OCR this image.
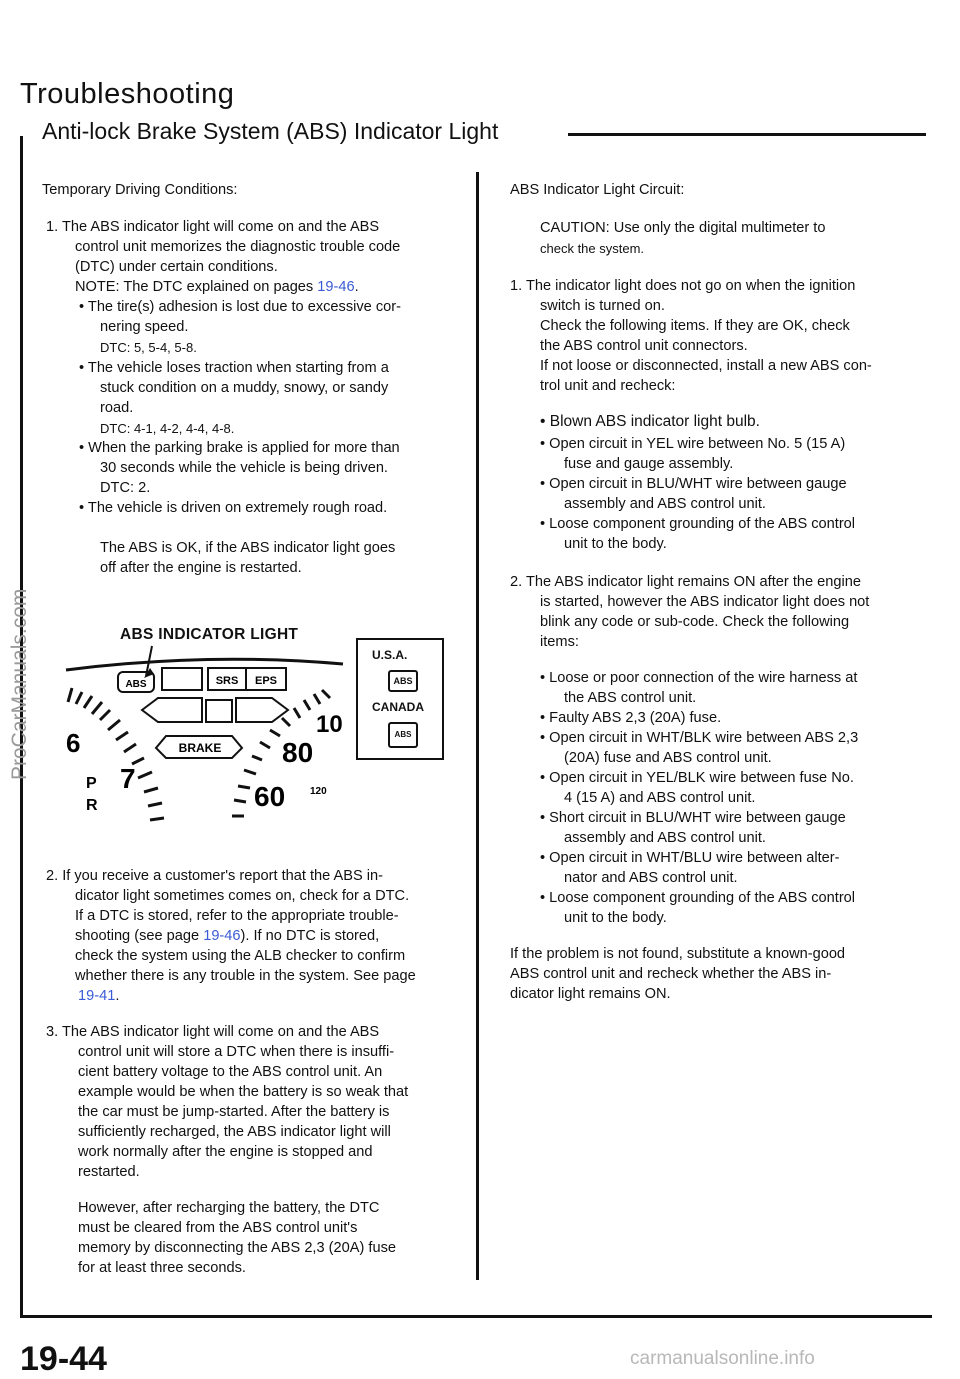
Troubleshooting
Anti-lock Brake System (ABS) Indicator Light
Temporary Driving Conditions:
1. The ABS indicator light will come on and the ABS
control unit memorizes the diagnostic trouble code
(DTC) under certain conditions.
NOTE: The DTC explained on pages 19-46.
• The tire(s) adhesion is lost due to excessive cor-
nering speed.
DTC: 5, 5-4, 5-8.
• The vehicle loses traction when starting from a
stuck condition on a muddy, snowy, or sandy
road.
DTC: 4-1, 4-2, 4-4, 4-8.
• When the parking brake is applied for more than
30 seconds while the vehicle is being driven.
DTC: 2.
• The vehicle is driven on extremely rough road.
The ABS is OK, if the ABS indicator light goes
off after the engine is restarted.
ABS INDICATOR LIGHT
ABS	SRS EPS
BRAKE
6
7
P
R
80
60
10
120
U.S.A.
ABS
CANADA
ABS
2. If you receive a customer's report that the ABS in-
dicator light sometimes comes on, check for a DTC.
If a DTC is stored, refer to the appropriate trouble-
shooting (see page 19-46). If no DTC is stored,
check the system using the ALB checker to confirm
whether there is any trouble in the system. See page
19-41.
3. The ABS indicator light will come on and the ABS
control unit will store a DTC when there is insuffi-
cient battery voltage to the ABS control unit. An
example would be when the battery is so weak that
the car must be jump-started. After the battery is
sufficiently recharged, the ABS indicator light will
work normally after the engine is stopped and
restarted.
However, after recharging the battery, the DTC
must be cleared from the ABS control unit's
memory by disconnecting the ABS 2,3 (20A) fuse
for at least three seconds.
ABS Indicator Light Circuit:
CAUTION: Use only the digital multimeter to
check the system.
1. The indicator light does not go on when the ignition
switch is turned on.
Check the following items. If they are OK, check
the ABS control unit connectors.
If not loose or disconnected, install a new ABS con-
trol unit and recheck:
• Blown ABS indicator light bulb.
• Open circuit in YEL wire between No. 5 (15 A)
fuse and gauge assembly.
• Open circuit in BLU/WHT wire between gauge
assembly and ABS control unit.
• Loose component grounding of the ABS control
unit to the body.
2. The ABS indicator light remains ON after the engine
is started, however the ABS indicator light does not
blink any code or sub-code. Check the following
items:
• Loose or poor connection of the wire harness at
the ABS control unit.
• Faulty ABS 2,3 (20A) fuse.
• Open circuit in WHT/BLK wire between ABS 2,3
(20A) fuse and ABS control unit.
• Open circuit in YEL/BLK wire between fuse No.
4 (15 A) and ABS control unit.
• Short circuit in BLU/WHT wire between gauge
assembly and ABS control unit.
• Open circuit in WHT/BLU wire between alter-
nator and ABS control unit.
• Loose component grounding of the ABS control
unit to the body.
If the problem is not found, substitute a known-good
ABS control unit and recheck whether the ABS in-
dicator light remains ON.
19-44	carmanualsonline.info
ProCarManuals.com
